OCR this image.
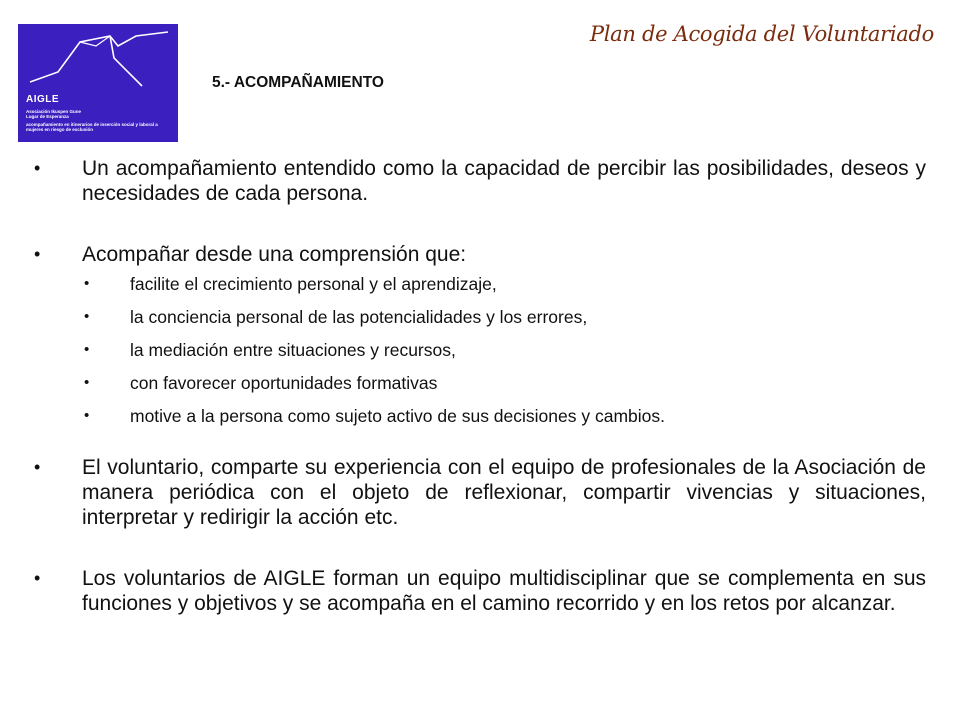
AIGLE
Asociación Ikuspen Gune
Lugar de Esperanza
acompañamiento en itinerarios de inserción social y laboral a mujeres en riesgo de exclusión
Plan de Acogida del Voluntariado
5.- ACOMPAÑAMIENTO
• Un acompañamiento entendido como la capacidad de percibir las posibilidades, deseos y necesidades de cada persona.
• Acompañar desde una comprensión que:
• facilite el crecimiento personal y el aprendizaje,
• la conciencia personal de las potencialidades y los errores,
• la mediación entre situaciones y recursos,
• con favorecer oportunidades formativas
• motive a la persona como sujeto activo de sus decisiones y cambios.
• El voluntario, comparte su experiencia con el equipo de profesionales de la Asociación de manera periódica con el objeto de reflexionar, compartir vivencias y situaciones, interpretar y redirigir la acción etc.
• Los voluntarios de AIGLE forman un equipo multidisciplinar que se complementa en sus funciones y objetivos y se acompaña en el camino recorrido y en los retos por alcanzar.
